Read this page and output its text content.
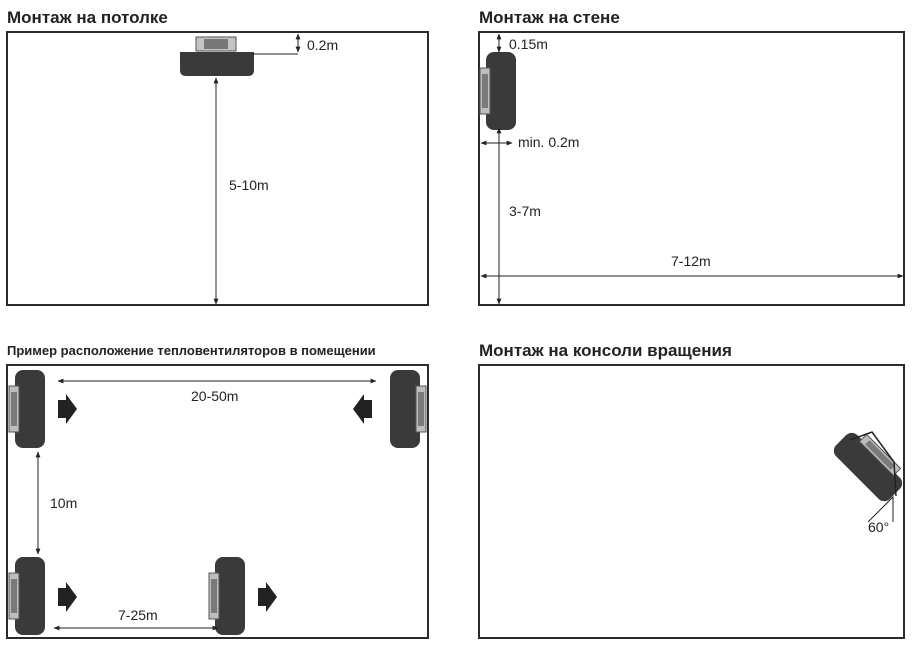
Монтаж на потолке	Монтаж на стене
Пример расположение тепловентиляторов в помещении	Монтаж на консоли вращения
0.2m
5-10m
0.15m
min. 0.2m
3-7m
7-12m
20-50m
10m
7-25m
60°
